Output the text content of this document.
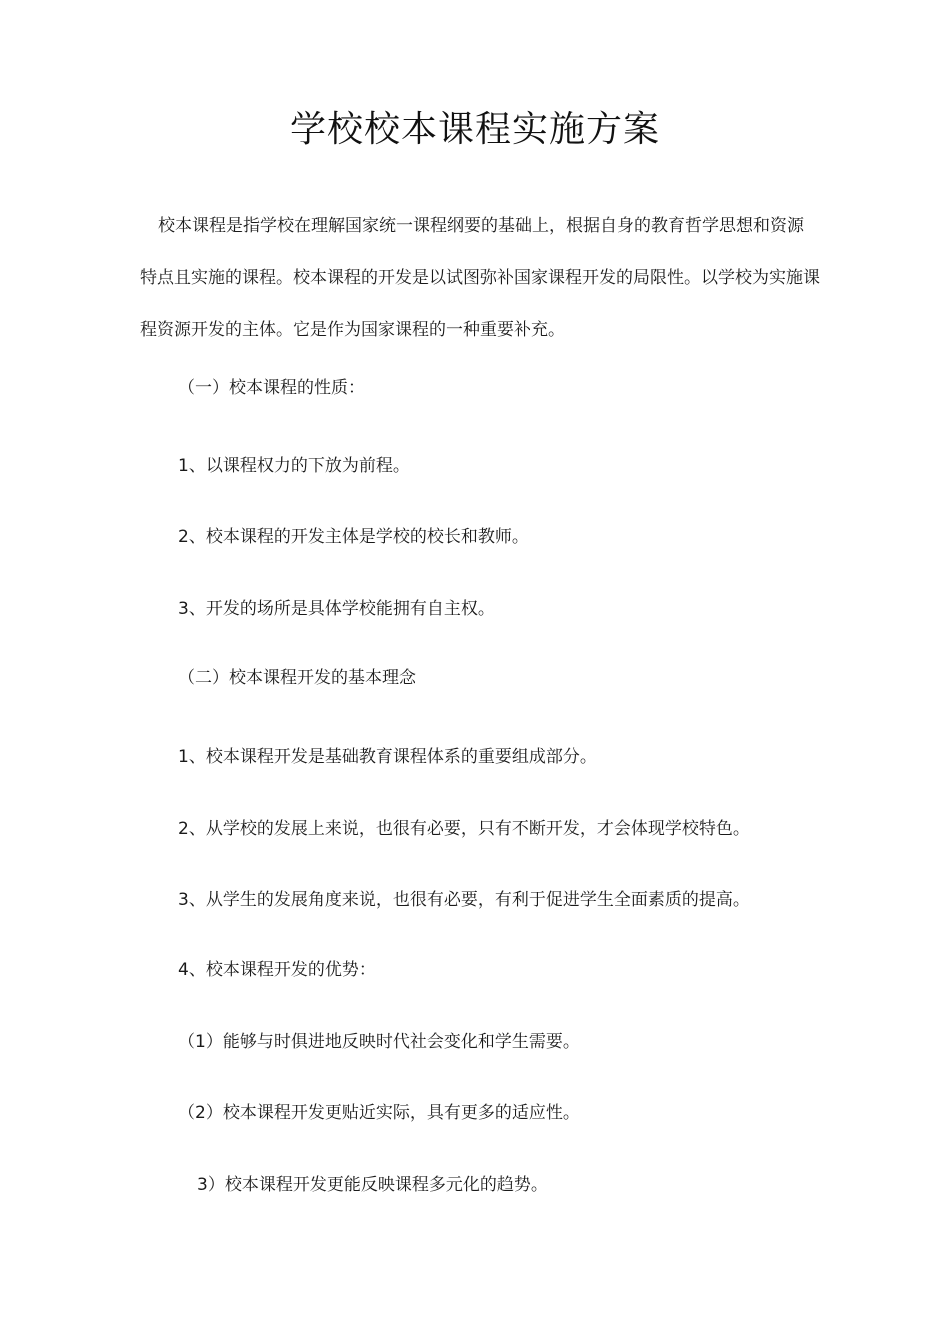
学校校本课程实施方案
校本课程是指学校在理解国家统一课程纲要的基础上，根据自身的教育哲学思想和资源特点且实施的课程。校本课程的开发是以试图弥补国家课程开发的局限性。以学校为实施课程资源开发的主体。它是作为国家课程的一种重要补充。
（一）校本课程的性质：
1、以课程权力的下放为前程。
2、校本课程的开发主体是学校的校长和教师。
3、开发的场所是具体学校能拥有自主权。
（二）校本课程开发的基本理念
1、校本课程开发是基础教育课程体系的重要组成部分。
2、从学校的发展上来说，也很有必要，只有不断开发，才会体现学校特色。
3、从学生的发展角度来说，也很有必要，有利于促进学生全面素质的提高。
4、校本课程开发的优势：
（1）能够与时俱进地反映时代社会变化和学生需要。
（2）校本课程开发更贴近实际，具有更多的适应性。
3）校本课程开发更能反映课程多元化的趋势。
